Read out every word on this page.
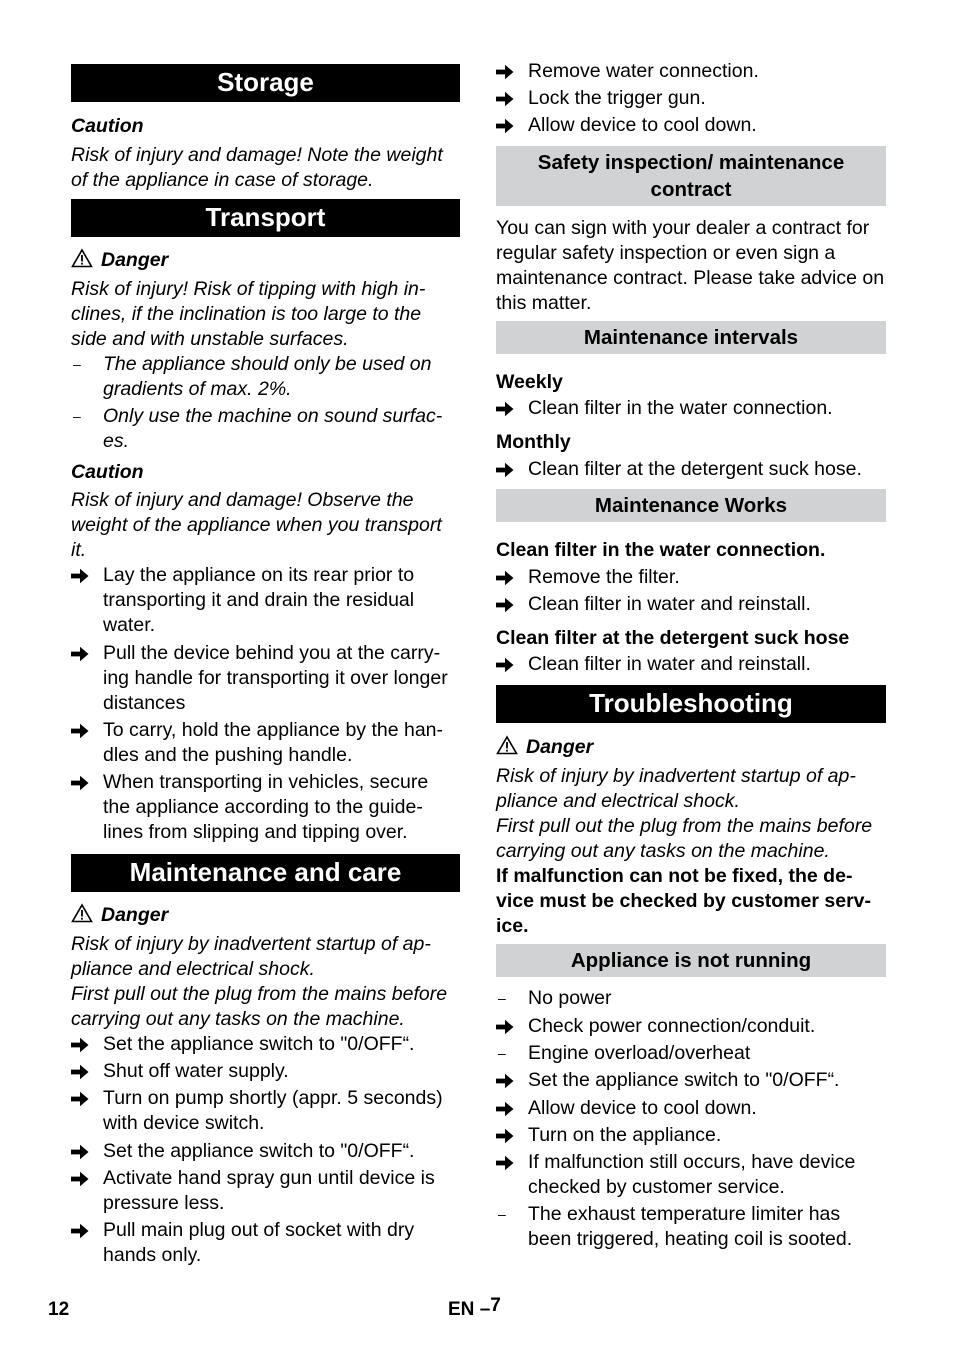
Storage
Caution
Risk of injury and damage! Note the weight of the appliance in case of storage.
Transport
Danger
Risk of injury! Risk of tipping with high in-clines, if the inclination is too large to the side and with unstable surfaces.
–	The appliance should only be used on gradients of max. 2%.
–	Only use the machine on sound surfac-es.
Caution
Risk of injury and damage! Observe the weight of the appliance when you transport it.
Lay the appliance on its rear prior to transporting it and drain the residual water.
Pull the device behind you at the carry-ing handle for transporting it over longer distances
To carry, hold the appliance by the han-dles and the pushing handle.
When transporting in vehicles, secure the appliance according to the guide-lines from slipping and tipping over.
Maintenance and care
Danger
Risk of injury by inadvertent startup of ap-pliance and electrical shock.
First pull out the plug from the mains before carrying out any tasks on the machine.
Set the appliance switch to "0/OFF“.
Shut off water supply.
Turn on pump shortly (appr. 5 seconds) with device switch.
Set the appliance switch to "0/OFF“.
Activate hand spray gun until device is pressure less.
Pull main plug out of socket with dry hands only.
Remove water connection.
Lock the trigger gun.
Allow device to cool down.
Safety inspection/ maintenance contract
You can sign with your dealer a contract for regular safety inspection or even sign a maintenance contract. Please take advice on this matter.
Maintenance intervals
Weekly
Clean filter in the water connection.
Monthly
Clean filter at the detergent suck hose.
Maintenance Works
Clean filter in the water connection.
Remove the filter.
Clean filter in water and reinstall.
Clean filter at the detergent suck hose
Clean filter in water and reinstall.
Troubleshooting
Danger
Risk of injury by inadvertent startup of ap-pliance and electrical shock.
First pull out the plug from the mains before carrying out any tasks on the machine.
If malfunction can not be fixed, the de-vice must be checked by customer serv-ice.
Appliance is not running
–	No power
Check power connection/conduit.
–	Engine overload/overheat
Set the appliance switch to "0/OFF“.
Allow device to cool down.
Turn on the appliance.
If malfunction still occurs, have device checked by customer service.
–	The exhaust temperature limiter has been triggered, heating coil is sooted.
12	EN –7
